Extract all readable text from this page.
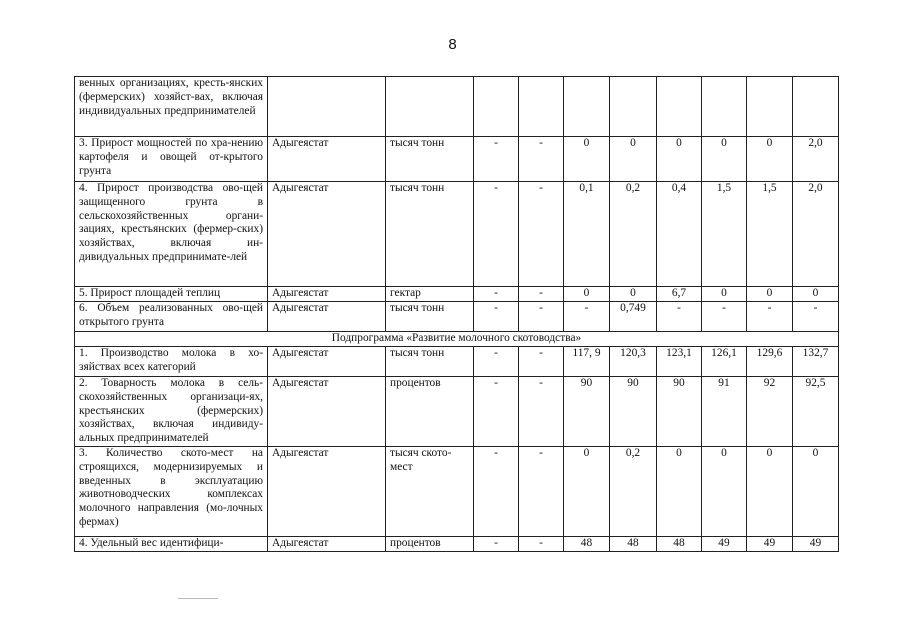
8
венных организациях, кресть-янских (фермерских) хозяйст-вах, включая индивидуальных предпринимателей										
3. Прирост мощностей по хра-нению картофеля и овощей от-крытого грунта	Адыгеястат	тысяч тонн	-	-	0	0	0	0	0	2,0
4. Прирост производства ово-щей защищенного грунта в сельскохозяйственных органи-зациях, крестьянских (фермер-ских) хозяйствах, включая ин-дивидуальных предпринимате-лей	Адыгеястат	тысяч тонн	-	-	0,1	0,2	0,4	1,5	1,5	2,0
5. Прирост площадей теплиц	Адыгеястат	гектар	-	-	0	0	6,7	0	0	0
6. Объем реализованных ово-щей открытого грунта	Адыгеястат	тысяч тонн	-	-	-	0,749	-	-	-	-
Подпрограмма «Развитие молочного скотоводства»										
1. Производство молока в хо-зяйствах всех категорий	Адыгеястат	тысяч тонн	-	-	117, 9	120,3	123,1	126,1	129,6	132,7
2. Товарность молока в сель-скохозяйственных организаци-ях, крестьянских (фермерских) хозяйствах, включая индивиду-альных предпринимателей	Адыгеястат	процентов	-	-	90	90	90	91	92	92,5
3. Количество ското-мест на строящихся, модернизируемых и введенных в эксплуатацию животноводческих комплексах молочного направления (мо-лочных фермах)	Адыгеястат	тысяч ското-мест	-	-	0	0,2	0	0	0	0
4. Удельный вес идентифици-	Адыгеястат	процентов	-	-	48	48	48	49	49	49
